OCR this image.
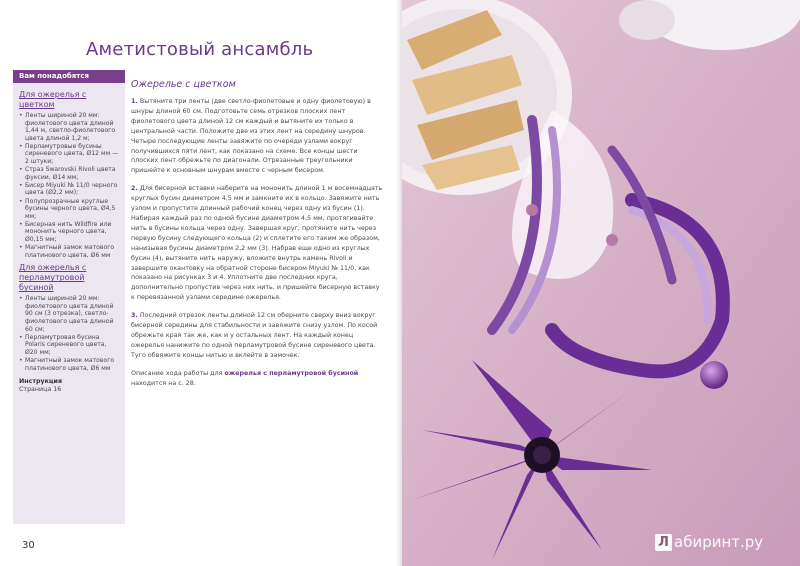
Аметистовый ансамбль
Вам понадобятся
Для ожерелья с цветком
• Ленты шириной 20 мм: фиолетового цвета длиной 1,44 м, светло-фиолетового цвета длиной 1,2 м;
• Перламутровые бусины сиреневого цвета, Ø12 мм — 2 штуки;
• Страз Swarovski Rivoli цвета фуксии, Ø14 мм;
• Бисер Miyuki № 11/0 черного цвета (Ø2,2 мм);
• Полупрозрачные круглые бусины черного цвета, Ø4,5 мм;
• Бисерная нить Wildfire или мононить черного цвета, Ø0,15 мм;
• Магнитный замок матового платинового цвета, Ø6 мм
Для ожерелья с перламутровой бусиной
• Ленты шириной 20 мм: фиолетового цвета длиной 90 см (3 отрезка), светло-фиолетового цвета длиной 60 см;
• Перламутровая бусина Polaris сиреневого цвета, Ø20 мм;
• Магнитный замок матового платинового цвета, Ø6 мм
Инструкция
Страница 16
Ожерелье с цветком

1. Вытяните три ленты (две светло-фиолетовые и одну фиолетовую) в шнуры длиной 60 см. Подготовьте семь отрезков плоских лент фиолетового цвета длиной 12 см каждый и вытяните их только в центральной части. Положите две из этих лент на середину шнуров. Четыре последующие ленты завяжите по очереди узлами вокруг получившихся пяти лент, как показано на схеме. Все концы шести плоских лент обрежьте по диагонали. Отрезанные треугольники пришейте к основным шнурам вместе с черным бисером.

2. Для бисерной вставки наберите на мононить длиной 1 м восемнадцать круглых бусин диаметром 4,5 мм и замкните их в кольцо. Завяжите нить узлом и пропустите длинный рабочий конец через одну из бусин (1). Набирая каждый раз по одной бусине диаметром 4,5 мм, протягивайте нить в бусины кольца через одну. Завершая круг, протяните нить через первую бусину следующего кольца (2) и сплетите его таким же образом, нанизывая бусины диаметром 2,2 мм (3). Набрав еще одно из круглых бусин (4), вытяните нить наружу, вложите внутрь камень Rivoli и завершите окантовку на обратной стороне бисером Miyuki № 11/0, как показано на рисунках 3 и 4. Уплотните две последних круга, дополнительно пропустив через них нить, и пришейте бисерную вставку к перевязанной узлами середине ожерелья.

3. Последний отрезок ленты длиной 12 см оберните сверху вниз вокруг бисерной середины для стабильности и завяжите снизу узлом. По косой обрежьте края так же, как и у остальных лент. На каждый конец ожерелья нанижите по одной перламутровой бусине сиреневого цвета. Туго обвяжите концы нитью и вклейте в замочек.

Описание хода работы для ожерелья с перламутровой бусиной находится на с. 28.

30	Л абиринт.ру
